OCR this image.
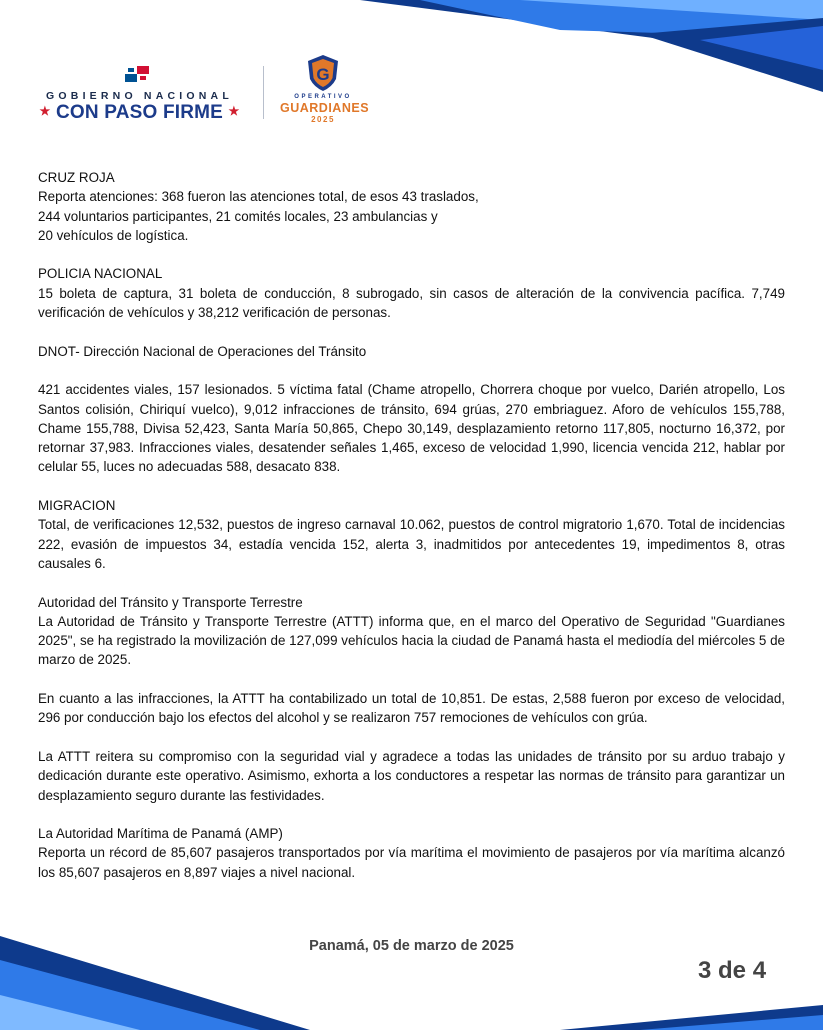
GOBIERNO NACIONAL
★ CON PASO FIRME ★
G
OPERATIVO
GUARDIANES
2025
CRUZ ROJA
Reporta atenciones: 368 fueron las atenciones total, de esos 43 traslados,
244 voluntarios participantes, 21 comités locales, 23 ambulancias y
20 vehículos de logística.
POLICIA NACIONAL

15 boleta de captura, 31 boleta de conducción, 8 subrogado, sin casos de alteración de la convivencia pacífica. 7,749 verificación de vehículos y 38,212 verificación de personas.

DNOT- Dirección Nacional de Operaciones del Tránsito

421 accidentes viales, 157 lesionados. 5 víctima fatal (Chame atropello, Chorrera choque por vuelco, Darién atropello, Los Santos colisión, Chiriquí vuelco), 9,012 infracciones de tránsito, 694 grúas, 270 embriaguez. Aforo de vehículos 155,788, Chame 155,788, Divisa 52,423, Santa María 50,865, Chepo 30,149, desplazamiento retorno 117,805, nocturno 16,372, por retornar 37,983. Infracciones viales, desatender señales 1,465, exceso de velocidad 1,990, licencia vencida 212, hablar por celular 55, luces no adecuadas 588, desacato 838.

MIGRACION

Total, de verificaciones 12,532, puestos de ingreso carnaval 10.062, puestos de control migratorio 1,670. Total de incidencias 222, evasión de impuestos 34, estadía vencida 152, alerta 3, inadmitidos por antecedentes 19, impedimentos 8, otras causales 6.

Autoridad del Tránsito y Transporte Terrestre

La Autoridad de Tránsito y Transporte Terrestre (ATTT) informa que, en el marco del Operativo de Seguridad "Guardianes 2025", se ha registrado la movilización de 127,099 vehículos hacia la ciudad de Panamá hasta el mediodía del miércoles 5 de marzo de 2025.

En cuanto a las infracciones, la ATTT ha contabilizado un total de 10,851. De estas, 2,588 fueron por exceso de velocidad, 296 por conducción bajo los efectos del alcohol y se realizaron 757 remociones de vehículos con grúa.

La ATTT reitera su compromiso con la seguridad vial y agradece a todas las unidades de tránsito por su arduo trabajo y dedicación durante este operativo. Asimismo, exhorta a los conductores a respetar las normas de tránsito para garantizar un desplazamiento seguro durante las festividades.

La Autoridad Marítima de Panamá (AMP)

Reporta un récord de 85,607 pasajeros transportados por vía marítima el movimiento de pasajeros por vía marítima alcanzó los 85,607 pasajeros en 8,897 viajes a nivel nacional.

Panamá, 05 de marzo de 2025
3 de 4
